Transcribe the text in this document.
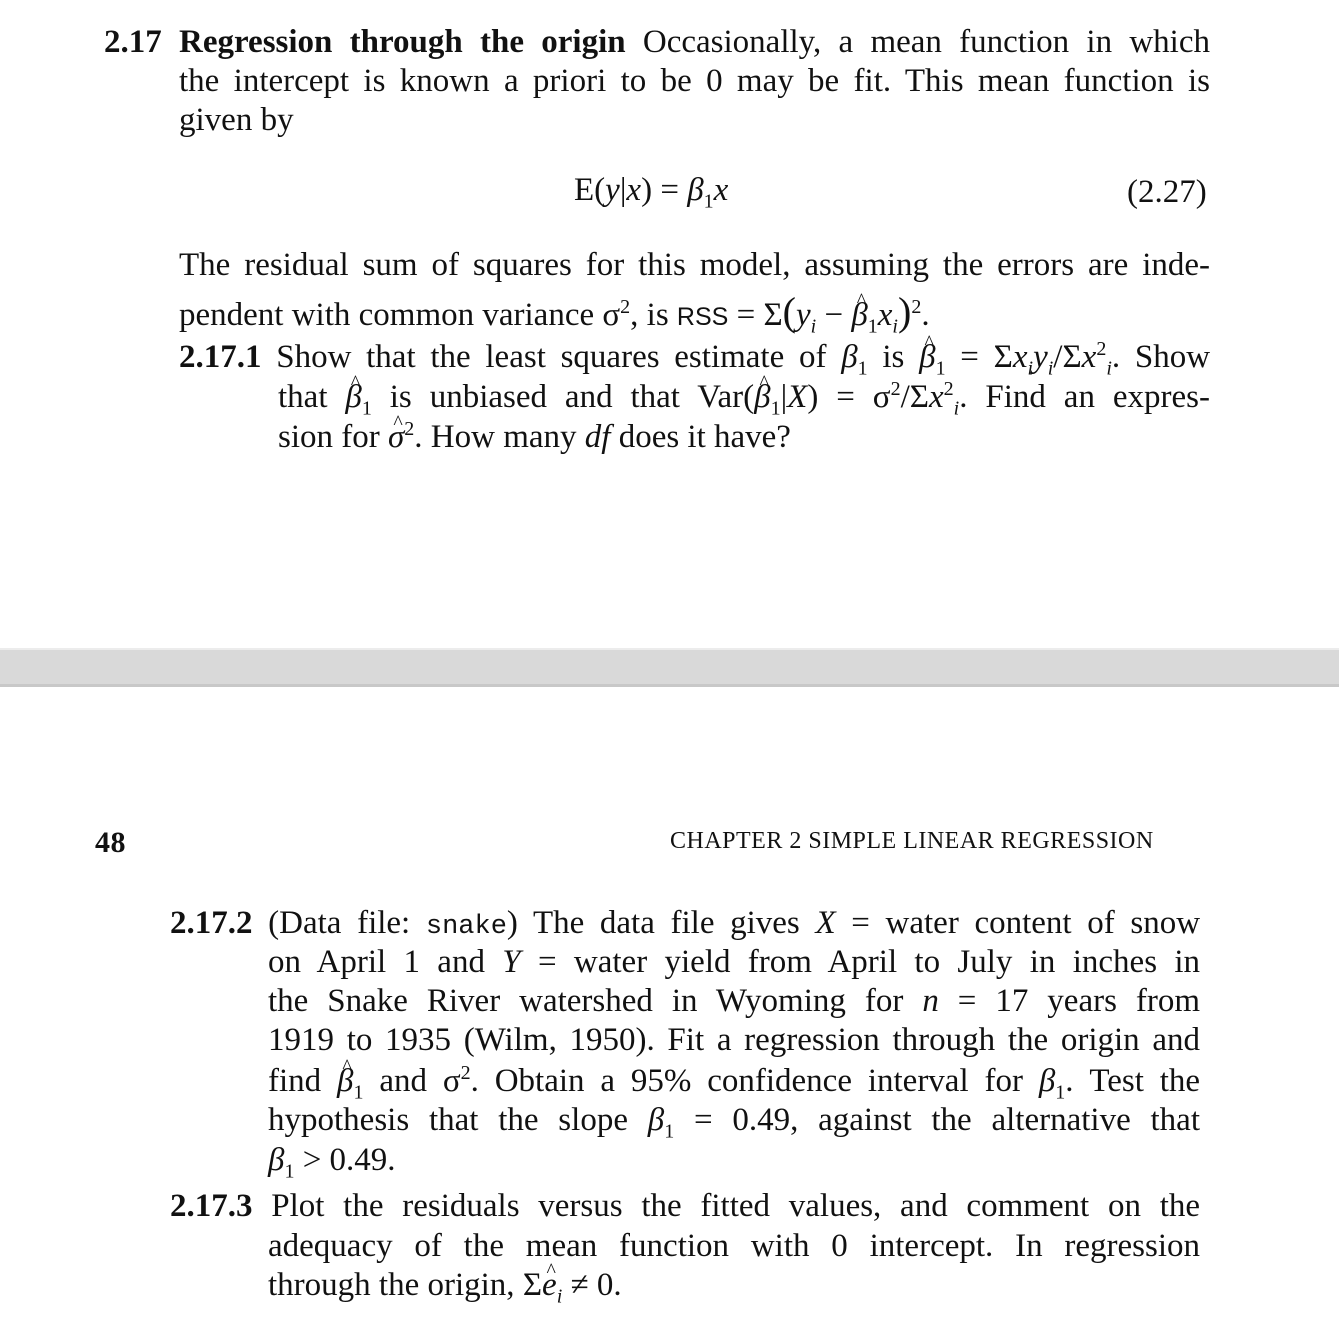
2.17 Regression through the origin Occasionally, a mean function in which
the intercept is known a priori to be 0 may be fit. This mean function is
given by
$E(y|x) = \beta_1x$	(2.27)
The residual sum of squares for this model, assuming the errors are inde-
pendent with common variance $\sigma^2$, is RSS = $\Sigma(y_i$ − ^ $\beta_1x_i)^2$.
2.17.1 Show that the least squares estimate of $\beta_1$ is ^ $\beta_1 = \Sigma x_iy_i/\Sigma x^2_i$. Show
that ^ $\beta_1$ is unbiased and that Var(^ $\beta_1|X) = \sigma^2/\Sigma x^2_i$. Find an expres-
sion for ^ $\sigma^2$. How many df does it have?
48	CHAPTER 2 SIMPLE LINEAR REGRESSION
2.17.2 (Data file: snake) The data file gives X = water content of snow
on April 1 and Y = water yield from April to July in inches in
the Snake River watershed in Wyoming for n = 17 years from
1919 to 1935 (Wilm, 1950). Fit a regression through the origin and
find ^ $\beta_1$ and $\sigma^2$. Obtain a 95% confidence interval for $\beta_1$. Test the
hypothesis that the slope $\beta_1 = 0.49$, against the alternative that
$\beta_1 > 0.49$.
2.17.3 Plot the residuals versus the fitted values, and comment on the
adequacy of the mean function with 0 intercept. In regression
through the origin, Σ^ $e_i \ne 0$.
